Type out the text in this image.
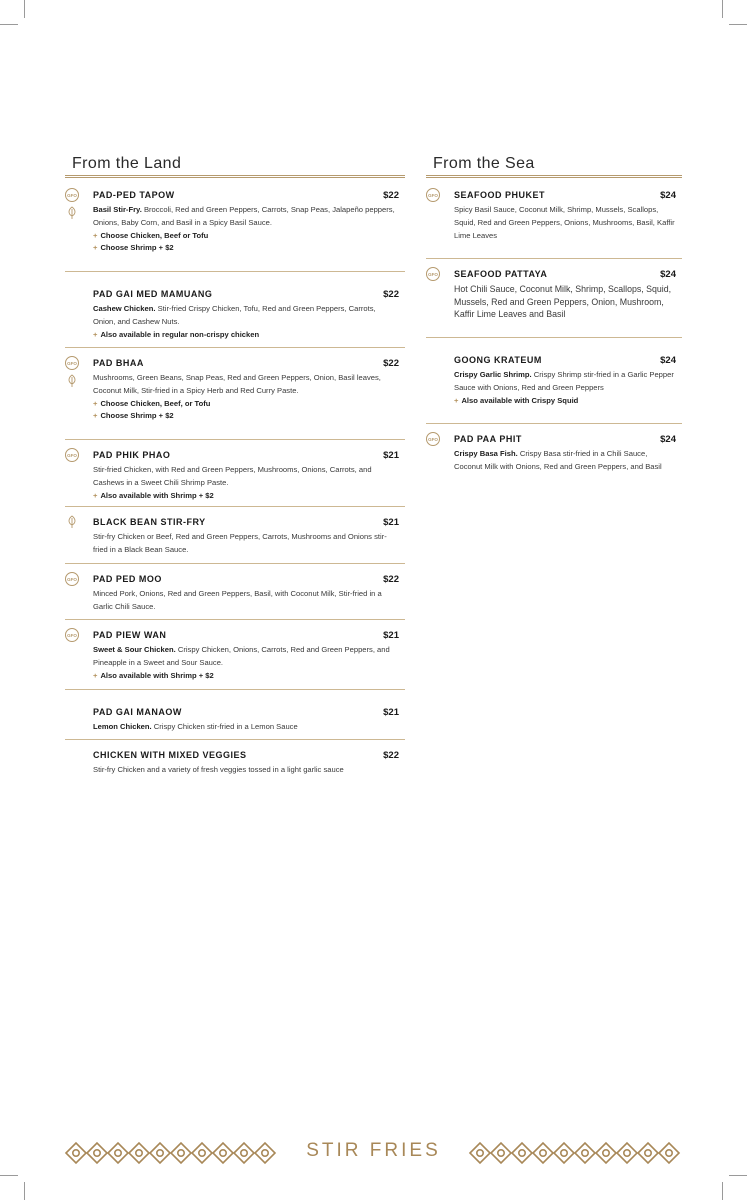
From the Land
GFO PAD-PED TAPOW	$22
Basil Stir-Fry. Broccoli, Red and Green Peppers, Carrots, Snap Peas, Jalapeño peppers, Onions, Baby Corn, and Basil in a Spicy Basil Sauce.
+ Choose Chicken, Beef or Tofu
+ Choose Shrimp + $2
PAD GAI MED MAMUANG	$22
Cashew Chicken. Stir-fried Crispy Chicken, Tofu, Red and Green Peppers, Carrots, Onion, and Cashew Nuts.
+ Also available in regular non-crispy chicken
GFO PAD BHAA	$22
Mushrooms, Green Beans, Snap Peas, Red and Green Peppers, Onion, Basil leaves, Coconut Milk, Stir-fried in a Spicy Herb and Red Curry Paste.
+ Choose Chicken, Beef, or Tofu
+ Choose Shrimp + $2
GFO PAD PHIK PHAO	$21
Stir-fried Chicken, with Red and Green Peppers, Mushrooms, Onions, Carrots, and Cashews in a Sweet Chili Shrimp Paste.
+ Also available with Shrimp + $2
BLACK BEAN STIR-FRY	$21
Stir-fry Chicken or Beef, Red and Green Peppers, Carrots, Mushrooms and Onions stir-fried in a Black Bean Sauce.
GFO PAD PED MOO	$22
Minced Pork, Onions, Red and Green Peppers, Basil, with Coconut Milk, Stir-fried in a Garlic Chili Sauce.
GFO PAD PIEW WAN	$21
Sweet & Sour Chicken. Crispy Chicken, Onions, Carrots, Red and Green Peppers, and Pineapple in a Sweet and Sour Sauce.
+ Also available with Shrimp + $2
PAD GAI MANAOW	$21
Lemon Chicken. Crispy Chicken stir-fried in a Lemon Sauce
CHICKEN WITH MIXED VEGGIES	$22
Stir-fry Chicken and a variety of fresh veggies tossed in a light garlic sauce
From the Sea
GFO SEAFOOD PHUKET	$24
Spicy Basil Sauce, Coconut Milk, Shrimp, Mussels, Scallops, Squid, Red and Green Peppers, Onions, Mushrooms, Basil, Kaffir Lime Leaves
GFO SEAFOOD PATTAYA	$24
Hot Chili Sauce, Coconut Milk, Shrimp, Scallops, Squid, Mussels, Red and Green Peppers, Onion, Mushroom, Kaffir Lime Leaves and Basil
GOONG KRATEUM	$24
Crispy Garlic Shrimp. Crispy Shrimp stir-fried in a Garlic Pepper Sauce with Onions, Red and Green Peppers
+ Also available with Crispy Squid
GFO PAD PAA PHIT	$24
Crispy Basa Fish. Crispy Basa stir-fried in a Chili Sauce, Coconut Milk with Onions, Red and Green Peppers, and Basil
STIR FRIES
